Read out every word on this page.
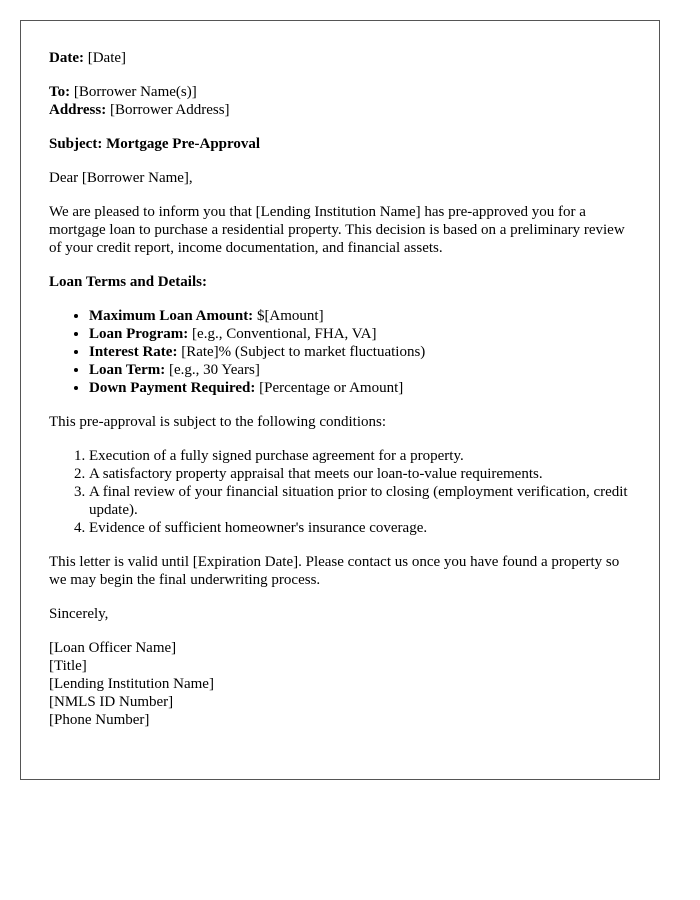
Date: [Date]

To: [Borrower Name(s)]
Address: [Borrower Address]

Subject: Mortgage Pre-Approval

Dear [Borrower Name],

We are pleased to inform you that [Lending Institution Name] has pre-approved you for a mortgage loan to purchase a residential property. This decision is based on a preliminary review of your credit report, income documentation, and financial assets.

Loan Terms and Details:

• Maximum Loan Amount: $[Amount]
• Loan Program: [e.g., Conventional, FHA, VA]
• Interest Rate: [Rate]% (Subject to market fluctuations)
• Loan Term: [e.g., 30 Years]
• Down Payment Required: [Percentage or Amount]

This pre-approval is subject to the following conditions:

1. Execution of a fully signed purchase agreement for a property.
2. A satisfactory property appraisal that meets our loan-to-value requirements.
3. A final review of your financial situation prior to closing (employment verification, credit update).
4. Evidence of sufficient homeowner's insurance coverage.

This letter is valid until [Expiration Date]. Please contact us once you have found a property so we may begin the final underwriting process.

Sincerely,

[Loan Officer Name]
[Title]
[Lending Institution Name]
[NMLS ID Number]
[Phone Number]
